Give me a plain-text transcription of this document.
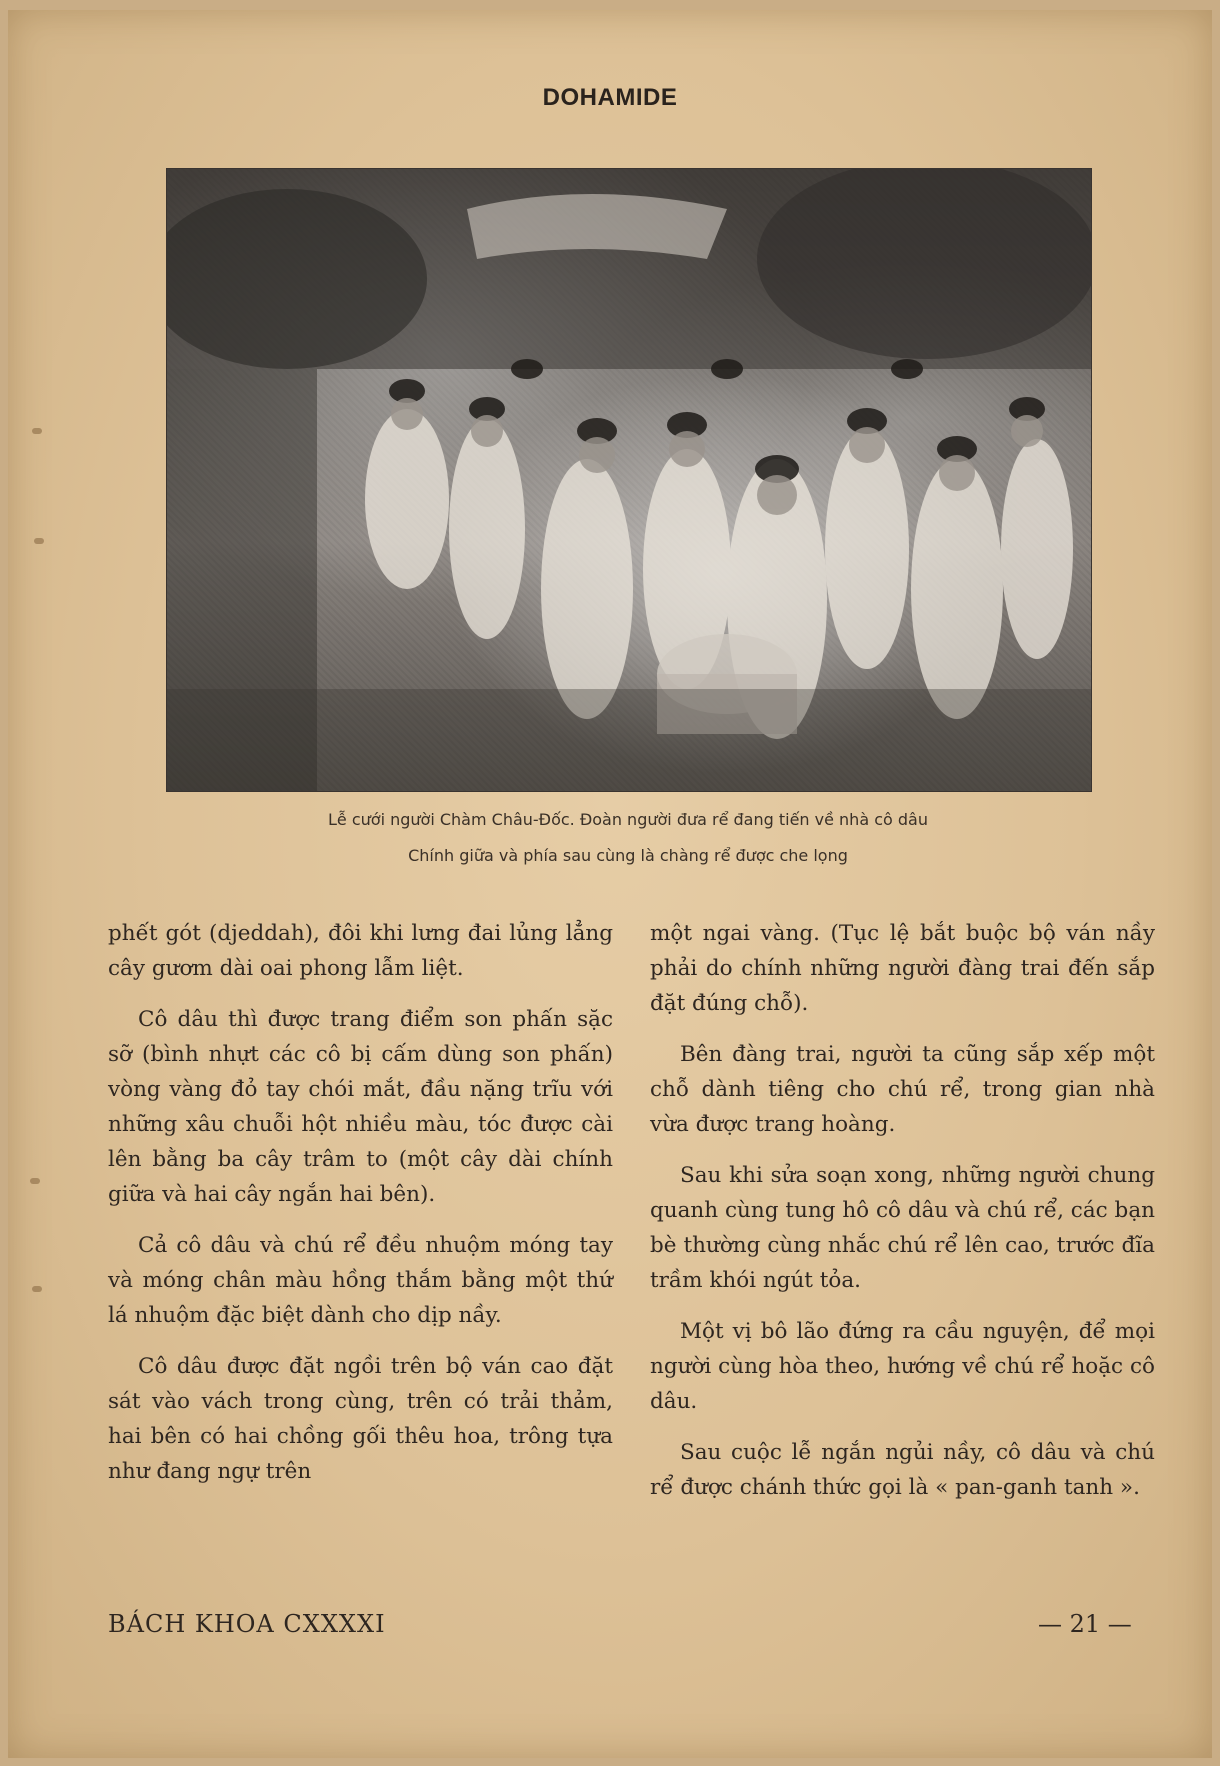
DOHAMIDE
Lễ cưới người Chàm Châu-Đốc. Đoàn người đưa rể đang tiến về nhà cô dâu
Chính giữa và phía sau cùng là chàng rể được che lọng

phết gót (djeddah), đôi khi lưng đai lủng lẳng cây gươm dài oai phong lẫm liệt.

Cô dâu thì được trang điểm son phấn sặc sỡ (bình nhựt các cô bị cấm dùng son phấn) vòng vàng đỏ tay chói mắt, đầu nặng trĩu với những xâu chuỗi hột nhiều màu, tóc được cài lên bằng ba cây trâm to (một cây dài chính giữa và hai cây ngắn hai bên).

Cả cô dâu và chú rể đều nhuộm móng tay và móng chân màu hồng thắm bằng một thứ lá nhuộm đặc biệt dành cho dịp nầy.

Cô dâu được đặt ngồi trên bộ ván cao đặt sát vào vách trong cùng, trên có trải thảm, hai bên có hai chồng gối thêu hoa, trông tựa như đang ngự trên

một ngai vàng. (Tục lệ bắt buộc bộ ván nầy phải do chính những người đàng trai đến sắp đặt đúng chỗ).

Bên đàng trai, người ta cũng sắp xếp một chỗ dành tiêng cho chú rể, trong gian nhà vừa được trang hoàng.

Sau khi sửa soạn xong, những người chung quanh cùng tung hô cô dâu và chú rể, các bạn bè thường cùng nhắc chú rể lên cao, trước đĩa trầm khói ngút tỏa.

Một vị bô lão đứng ra cầu nguyện, để mọi người cùng hòa theo, hướng về chú rể hoặc cô dâu.

Sau cuộc lễ ngắn ngủi nầy, cô dâu và chú rể được chánh thức gọi là « pan-ganh tanh ».

BÁCH KHOA CXXXXI	— 21 —
